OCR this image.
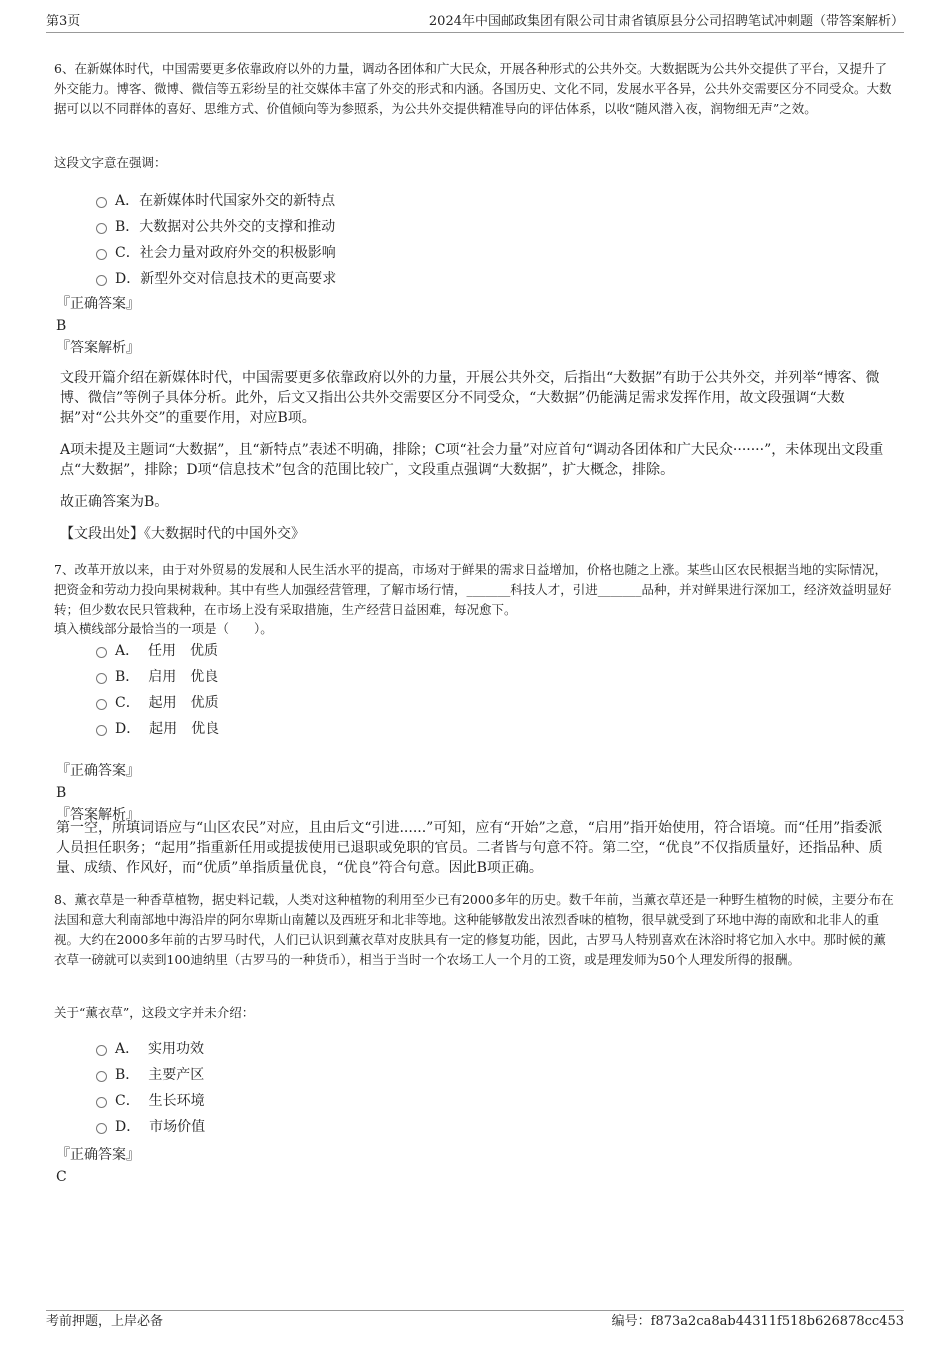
第3页	2024年中国邮政集团有限公司甘肃省镇原县分公司招聘笔试冲刺题（带答案解析）
6、在新媒体时代，中国需要更多依靠政府以外的力量，调动各团体和广大民众，开展各种形式的公共外交。大数据既为公共外交提供了平台，又提升了外交能力。博客、微博、微信等五彩纷呈的社交媒体丰富了外交的形式和内涵。各国历史、文化不同，发展水平各异，公共外交需要区分不同受众。大数据可以以不同群体的喜好、思维方式、价值倾向等为参照系，为公共外交提供精准导向的评估体系，以收“随风潜入夜，润物细无声”之效。
这段文字意在强调：
A．在新媒体时代国家外交的新特点
B．大数据对公共外交的支撑和推动
C．社会力量对政府外交的积极影响
D．新型外交对信息技术的更高要求
『正确答案』
B
『答案解析』

文段开篇介绍在新媒体时代，中国需要更多依靠政府以外的力量，开展公共外交，后指出“大数据”有助于公共外交，并列举“博客、微博、微信”等例子具体分析。此外，后文又指出公共外交需要区分不同受众，“大数据”仍能满足需求发挥作用，故文段强调“大数据”对“公共外交”的重要作用，对应B项。

A项未提及主题词“大数据”，且“新特点”表述不明确，排除；C项“社会力量”对应首句“调动各团体和广大民众·······”，未体现出文段重点“大数据”，排除；D项“信息技术”包含的范围比较广，文段重点强调“大数据”，扩大概念，排除。

故正确答案为B。

【文段出处】《大数据时代的中国外交》

7、改革开放以来，由于对外贸易的发展和人民生活水平的提高，市场对于鲜果的需求日益增加，价格也随之上涨。某些山区农民根据当地的实际情况，把资金和劳动力投向果树栽种。其中有些人加强经营管理，了解市场行情，_______科技人才，引进_______品种，并对鲜果进行深加工，经济效益明显好转；但少数农民只管栽种，在市场上没有采取措施，生产经营日益困难，每况愈下。
填入横线部分最恰当的一项是（　　）。
A．  任用　优质
B．  启用　优良
C．  起用　优质
D．  起用　优良
『正确答案』
B
『答案解析』
第一空，所填词语应与“山区农民”对应，且由后文“引进......”可知，应有“开始”之意，“启用”指开始使用，符合语境。而“任用”指委派人员担任职务；“起用”指重新任用或提拔使用已退职或免职的官员。二者皆与句意不符。第二空，“优良”不仅指质量好，还指品种、质量、成绩、作风好，而“优质”单指质量优良，“优良”符合句意。因此B项正确。
8、薰衣草是一种香草植物，据史料记载，人类对这种植物的利用至少已有2000多年的历史。数千年前，当薰衣草还是一种野生植物的时候，主要分布在法国和意大利南部地中海沿岸的阿尔卑斯山南麓以及西班牙和北非等地。这种能够散发出浓烈香味的植物，很早就受到了环地中海的南欧和北非人的重视。大约在2000多年前的古罗马时代，人们已认识到薰衣草对皮肤具有一定的修复功能，因此，古罗马人特别喜欢在沐浴时将它加入水中。那时候的薰衣草一磅就可以卖到100迪纳里（古罗马的一种货币），相当于当时一个农场工人一个月的工资，或是理发师为50个人理发所得的报酬。
关于“薰衣草”，这段文字并未介绍：
A．  实用功效
B．  主要产区
C．  生长环境
D．  市场价值
『正确答案』
C
考前押题，上岸必备	编号：f873a2ca8ab44311f518b626878cc453
